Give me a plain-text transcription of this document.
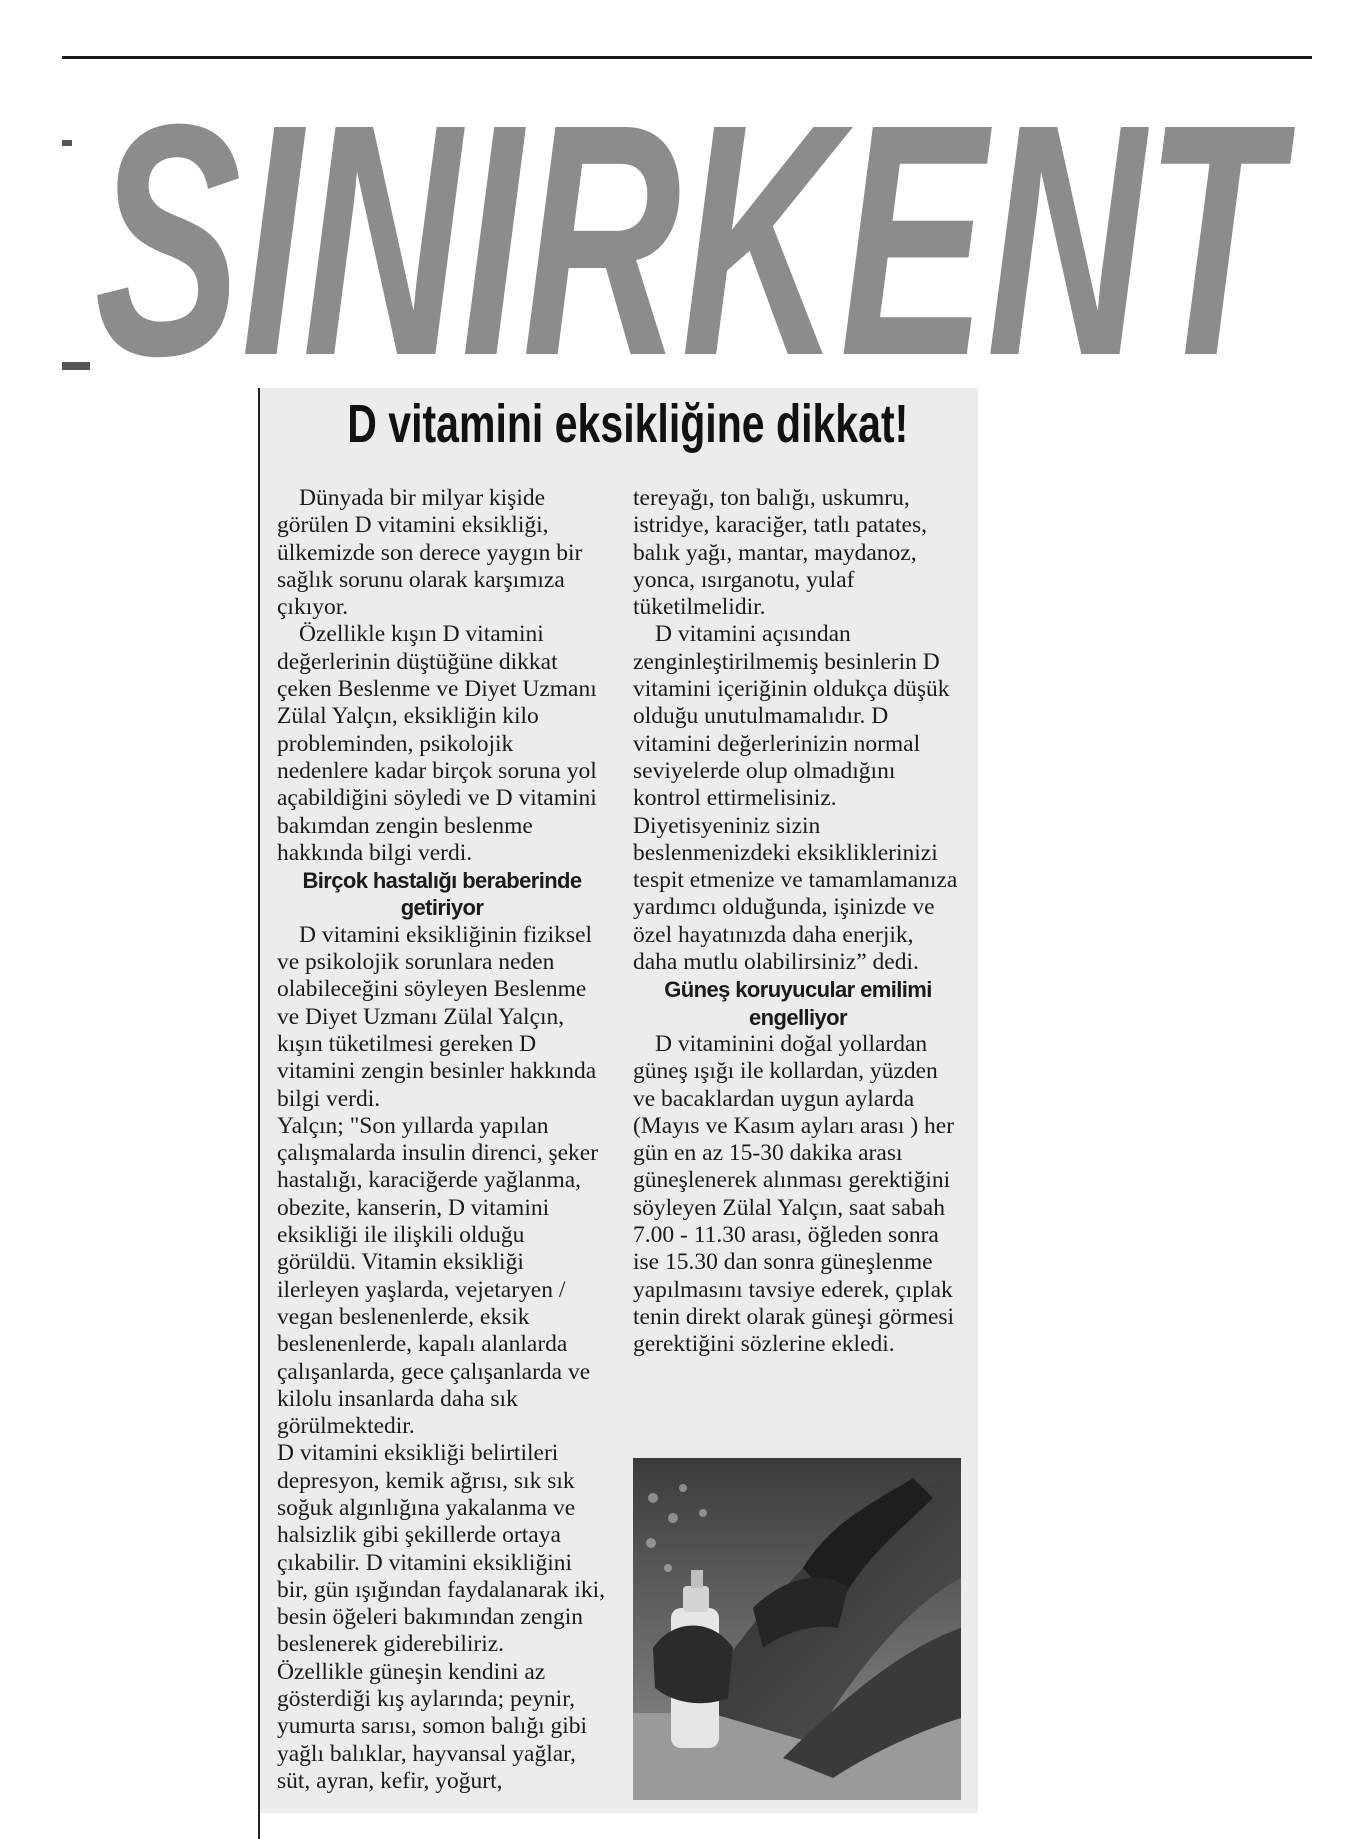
SINIRKENT
D vitamini eksikliğine dikkat!

Dünyada bir milyar kişide görülen D vitamini eksikliği, ülkemizde son derece yaygın bir sağlık sorunu olarak karşımıza çıkıyor.

Özellikle kışın D vitamini değerlerinin düştüğüne dikkat çeken Beslenme ve Diyet Uzmanı Zülal Yalçın, eksikliğin kilo probleminden, psikolojik nedenlere kadar birçok soruna yol açabildiğini söyledi ve D vitamini bakımdan zengin beslenme hakkında bilgi verdi.

Birçok hastalığı beraberinde getiriyor

D vitamini eksikliğinin fiziksel ve psikolojik sorunlara neden olabileceğini söyleyen Beslenme ve Diyet Uzmanı Zülal Yalçın, kışın tüketilmesi gereken D vitamini zengin besinler hakkında bilgi verdi.

Yalçın; "Son yıllarda yapılan çalışmalarda insulin direnci, şeker hastalığı, karaciğerde yağlanma, obezite, kanserin, D vitamini eksikliği ile ilişkili olduğu görüldü. Vitamin eksikliği ilerleyen yaşlarda, vejetaryen / vegan beslenenlerde, eksik beslenenlerde, kapalı alanlarda çalışanlarda, gece çalışanlarda ve kilolu insanlarda daha sık görülmektedir.

D vitamini eksikliği belirtileri depresyon, kemik ağrısı, sık sık soğuk algınlığına yakalanma ve halsizlik gibi şekillerde ortaya çıkabilir. D vitamini eksikliğini bir, gün ışığından faydalanarak iki, besin öğeleri bakımından zengin beslenerek giderebiliriz.

Özellikle güneşin kendini az gösterdiği kış aylarında; peynir, yumurta sarısı, somon balığı gibi yağlı balıklar, hayvansal yağlar, süt, ayran, kefir, yoğurt,

tereyağı, ton balığı, uskumru, istridye, karaciğer, tatlı patates, balık yağı, mantar, maydanoz, yonca, ısırganotu, yulaf tüketilmelidir.

D vitamini açısından zenginleştirilmemiş besinlerin D vitamini içeriğinin oldukça düşük olduğu unutulmamalıdır. D vitamini değerlerinizin normal seviyelerde olup olmadığını kontrol ettirmelisiniz. Diyetisyeniniz sizin beslenmenizdeki eksikliklerinizi tespit etmenize ve tamamlamanıza yardımcı olduğunda, işinizde ve özel hayatınızda daha enerjik, daha mutlu olabilirsiniz” dedi.

Güneş koruyucular emilimi engelliyor

D vitaminini doğal yollardan güneş ışığı ile kollardan, yüzden ve bacaklardan uygun aylarda (Mayıs ve Kasım ayları arası ) her gün en az 15-30 dakika arası güneşlenerek alınması gerektiğini söyleyen Zülal Yalçın, saat sabah 7.00 - 11.30 arası, öğleden sonra ise 15.30 dan sonra güneşlenme yapılmasını tavsiye ederek, çıplak tenin direkt olarak güneşi görmesi gerektiğini sözlerine ekledi.
